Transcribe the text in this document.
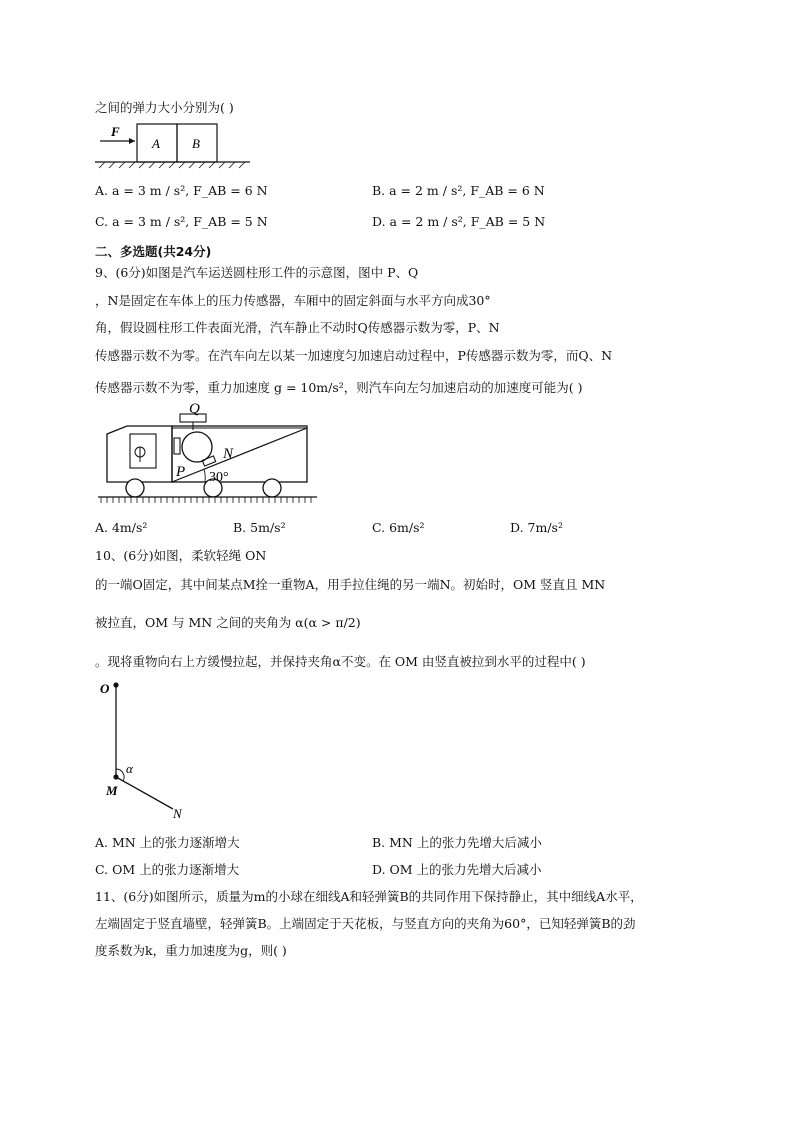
之间的弹力大小分别为( )
F
A B
A. a = 3 m / s², F_AB = 6 N	B. a = 2 m / s², F_AB = 6 N
C. a = 3 m / s², F_AB = 5 N	D. a = 2 m / s², F_AB = 5 N
二、多选题(共24分)
9、(6分)如图是汽车运送圆柱形工件的示意图，图中 P、Q
，N是固定在车体上的压力传感器，车厢中的固定斜面与水平方向成30°
角，假设圆柱形工件表面光滑，汽车静止不动时Q传感器示数为零，P、N
传感器示数不为零。在汽车向左以某一加速度匀加速启动过程中，P传感器示数为零，而Q、N
传感器示数不为零，重力加速度 g = 10m/s²，则汽车向左匀加速启动的加速度可能为( )
Q
N
P 30°
A. 4m/s²	B. 5m/s²	C. 6m/s²	D. 7m/s²
10、(6分)如图，柔软轻绳 ON
的一端O固定，其中间某点M拴一重物A，用手拉住绳的另一端N。初始时，OM 竖直且 MN
被拉直，OM 与 MN 之间的夹角为 α(α > π/2)
。现将重物向右上方缓慢拉起，并保持夹角α不变。在 OM 由竖直被拉到水平的过程中( )
O
M
N
α
A. MN 上的张力逐渐增大	B. MN 上的张力先增大后减小
C. OM 上的张力逐渐增大	D. OM 上的张力先增大后减小
11、(6分)如图所示，质量为m的小球在细线A和轻弹簧B的共同作用下保持静止，其中细线A水平，
左端固定于竖直墙壁，轻弹簧B。上端固定于天花板，与竖直方向的夹角为60°，已知轻弹簧B的劲
度系数为k，重力加速度为g，则( )
